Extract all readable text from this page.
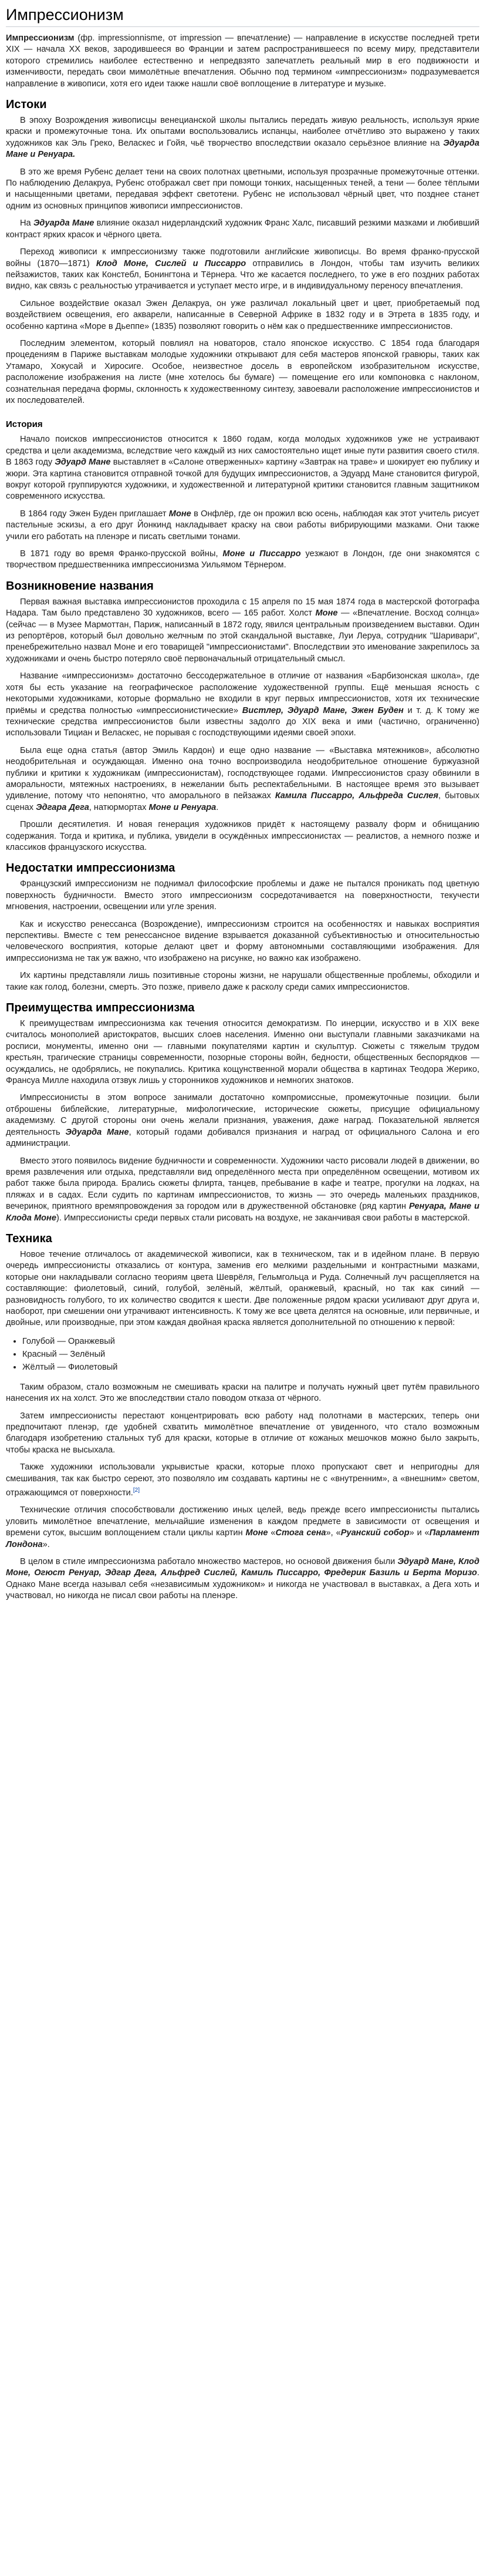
Импрессионизм

Импрессионизм (фр. impressionnisme, от impression — впечатление) — направление в искусстве последней трети XIX — начала XX веков, зародившееся во Франции и затем распространившееся по всему миру, представители которого стремились наиболее естественно и непредвзято запечатлеть реальный мир в его подвижности и изменчивости, передать свои мимолётные впечатления. Обычно под термином «импрессионизм» подразумевается направление в живописи, хотя его идеи также нашли своё воплощение в литературе и музыке.

Истоки

В эпоху Возрождения живописцы венецианской школы пытались передать живую реальность, используя яркие краски и промежуточные тона. Их опытами воспользовались испанцы, наиболее отчётливо это выражено у таких художников как Эль Греко, Веласкес и Гойя, чьё творчество впоследствии оказало серьёзное влияние на Эдуарда Мане и Ренуара.

В это же время Рубенс делает тени на своих полотнах цветными, используя прозрачные промежуточные оттенки. По наблюдению Делакруа, Рубенс отображал свет при помощи тонких, насыщенных теней, а тени — более тёплыми и насыщенными цветами, передавая эффект светотени. Рубенс не использовал чёрный цвет, что позднее станет одним из основных принципов живописи импрессионистов.

На Эдуарда Мане влияние оказал нидерландский художник Франс Халс, писавший резкими мазками и любивший контраст ярких красок и чёрного цвета.

Переход живописи к импрессионизму также подготовили английские живописцы. Во время франко-прусской войны (1870—1871) Клод Моне, Сислей и Писсарро отправились в Лондон, чтобы там изучить великих пейзажистов, таких как Констебл, Бонингтона и Тёрнера. Что же касается последнего, то уже в его поздних работах видно, как связь с реальностью утрачивается и уступает место игре, и в индивидуальному переносу впечатления.

Сильное воздействие оказал Эжен Делакруа, он уже различал локальный цвет и цвет, приобретаемый под воздействием освещения, его акварели, написанные в Северной Африке в 1832 году и в Этрета в 1835 году, и особенно картина «Море в Дьеппе» (1835) позволяют говорить о нём как о предшественнике импрессионистов.

Последним элементом, который повлиял на новаторов, стало японское искусство. С 1854 года благодаря процедениям в Париже выставкам молодые художники открывают для себя мастеров японской гравюры, таких как Утамаро, Хокусай и Хиросиге. Особое, неизвестное досель в европейском изобразительном искусстве, расположение изображения на листе (мне хотелось бы бумаге) — помещение его или компоновка с наклоном, сознательная передача формы, склонность к художественному синтезу, завоевали расположение импрессионистов и их последователей.

История

Начало поисков импрессионистов относится к 1860 годам, когда молодых художников уже не устраивают средства и цели академизма, вследствие чего каждый из них самостоятельно ищет иные пути развития своего стиля. В 1863 году Эдуард Мане выставляет в «Салоне отверженных» картину «Завтрак на траве» и шокирует ею публику и жюри. Эта картина становится отправной точкой для будущих импрессионистов, а Эдуард Мане становится фигурой, вокруг которой группируются художники, и художественной и литературной критики становится главным защитником современного искусства.

В 1864 году Эжен Буден приглашает Моне в Онфлёр, где он прожил всю осень, наблюдая как этот учитель рисует пастельные эскизы, а его друг Йонкинд накладывает краску на свои работы вибрирующими мазками. Они также учили его работать на пленэре и писать светлыми тонами.

В 1871 году во время Франко-прусской войны, Моне и Писсарро уезжают в Лондон, где они знакомятся с творчеством предшественника импрессионизма Уильямом Тёрнером.

Возникновение названия

Первая важная выставка импрессионистов проходила с 15 апреля по 15 мая 1874 года в мастерской фотографа Надара. Там было представлено 30 художников, всего — 165 работ. Холст Моне — «Впечатление. Восход солнца» (сейчас — в Музее Мармоттан, Париж, написанный в 1872 году, явился центральным произведением выставки. Один из репортёров, который был довольно желчным по этой скандальной выставке, Луи Леруа, сотрудник "Шаривари", пренебрежительно назвал Моне и его товарищей "импрессионистами". Впоследствии это именование закрепилось за художниками и очень быстро потеряло своё первоначальный отрицательный смысл.

Название «импрессионизм» достаточно бессодержательное в отличие от названия «Барбизонская школа», где хотя бы есть указание на географическое расположение художественной группы. Ещё меньшая ясность с некоторыми художниками, которые формально не входили в круг первых импрессионистов, хотя их технические приёмы и средства полностью «импрессионистические» Вистлер, Эдуард Мане, Эжен Буден и т. д. К тому же технические средства импрессионистов были известны задолго до XIX века и ими (частично, ограниченно) использовали Тициан и Веласкес, не порывая с господствующими идеями своей эпохи.

Была еще одна статья (автор Эмиль Кардон) и еще одно название — «Выставка мятежников», абсолютно неодобрительная и осуждающая. Именно она точно воспроизводила неодобрительное отношение буржуазной публики и критики к художникам (импрессионистам), господствующее годами. Импрессионистов сразу обвинили в аморальности, мятежных настроениях, в нежелании быть респектабельными. В настоящее время это вызывает удивление, потому что непонятно, что аморального в пейзажах Камила Писсарро, Альфреда Сислея, бытовых сценах Эдгара Дега, натюрмортах Моне и Ренуара.

Прошли десятилетия. И новая генерация художников придёт к настоящему развалу форм и обнищанию содержания. Тогда и критика, и публика, увидели в осуждённых импрессионистах — реалистов, а немного позже и классиков французского искусства.

Недостатки импрессионизма

Французский импрессионизм не поднимал философские проблемы и даже не пытался проникать под цветную поверхность будничности. Вместо этого импрессионизм сосредотачивается на поверхностности, текучести мгновения, настроении, освещении или угле зрения.

Как и искусство ренессанса (Возрождение), импрессионизм строится на особенностях и навыках восприятия перспективы. Вместе с тем ренессансное видение взрывается доказанной субъективностью и относительностью человеческого восприятия, которые делают цвет и форму автономными составляющими изображения. Для импрессионизма не так уж важно, что изображено на рисунке, но важно как изображено.

Их картины представляли лишь позитивные стороны жизни, не нарушали общественные проблемы, обходили и такие как голод, болезни, смерть. Это позже, привело даже к расколу среди самих импрессионистов.

Преимущества импрессионизма

К преимуществам импрессионизма как течения относится демократизм. По инерции, искусство и в XIX веке считалось монополией аристократов, высших слоев населения. Именно они выступали главными заказчиками на росписи, монументы, именно они — главными покупателями картин и скульптур. Сюжеты с тяжелым трудом крестьян, трагические страницы современности, позорные стороны войн, бедности, общественных беспорядков — осуждались, не одобрялись, не покупались. Критика кощунственной морали общества в картинах Теодора Жерико, Франсуа Милле находила отзвук лишь у сторонников художников и немногих знатоков.

Импрессионисты в этом вопросе занимали достаточно компромиссные, промежуточные позиции. были отброшены библейские, литературные, мифологические, исторические сюжеты, присущие официальному академизму. С другой стороны они очень желали признания, уважения, даже наград. Показательной является деятельность Эдуарда Мане, который годами добивался признания и наград от официального Салона и его администрации.

Вместо этого появилось видение будничности и современности. Художники часто рисовали людей в движении, во время развлечения или отдыха, представляли вид определённого места при определённом освещении, мотивом их работ также была природа. Брались сюжеты флирта, танцев, пребывание в кафе и театре, прогулки на лодках, на пляжах и в садах. Если судить по картинам импрессионистов, то жизнь — это очередь маленьких праздников, вечеринок, приятного времяпровождения за городом или в дружественной обстановке (ряд картин Ренуара, Мане и Клода Моне). Импрессионисты среди первых стали рисовать на воздухе, не заканчивая свои работы в мастерской.

Техника

Новое течение отличалось от академической живописи, как в техническом, так и в идейном плане. В первую очередь импрессионисты отказались от контура, заменив его мелкими раздельными и контрастными мазками, которые они накладывали согласно теориям цвета Шеврёля, Гельмгольца и Руда. Солнечный луч расщепляется на составляющие: фиолетовый, синий, голубой, зелёный, жёлтый, оранжевый, красный, но так как синий — разновидность голубого, то их количество сводится к шести. Две положенные рядом краски усиливают друг друга и, наоборот, при смешении они утрачивают интенсивность. К тому же все цвета делятся на основные, или первичные, и двойные, или производные, при этом каждая двойная краска является дополнительной по отношению к первой:

• Голубой — Оранжевый
• Красный — Зелёный
• Жёлтый — Фиолетовый

Таким образом, стало возможным не смешивать краски на палитре и получать нужный цвет путём правильного нанесения их на холст. Это же впоследствии стало поводом отказа от чёрного.

Затем импрессионисты перестают концентрировать всю работу над полотнами в мастерских, теперь они предпочитают пленэр, где удобней схватить мимолётное впечатление от увиденного, что стало возможным благодаря изобретению стальных туб для краски, которые в отличие от кожаных мешочков можно было закрыть, чтобы краска не высыхала.

Также художники использовали укрывистые краски, которые плохо пропускают свет и непригодны для смешивания, так как быстро сереют, это позволяло им создавать картины не с «внутренним», а «внешним» светом, отражающимся от поверхности.[2]

Технические отличия способствовали достижению иных целей, ведь прежде всего импрессионисты пытались уловить мимолётное впечатление, мельчайшие изменения в каждом предмете в зависимости от освещения и времени суток, высшим воплощением стали циклы картин Моне «Стога сена», «Руанский собор» и «Парламент Лондона».

В целом в стиле импрессионизма работало множество мастеров, но основой движения были Эдуард Мане, Клод Моне, Огюст Ренуар, Эдгар Дега, Альфред Сислей, Камиль Писсарро, Фредерик Базиль и Берта Моризо. Однако Мане всегда называл себя «независимым художником» и никогда не участвовал в выставках, а Дега хоть и участвовал, но никогда не писал свои работы на пленэре.
